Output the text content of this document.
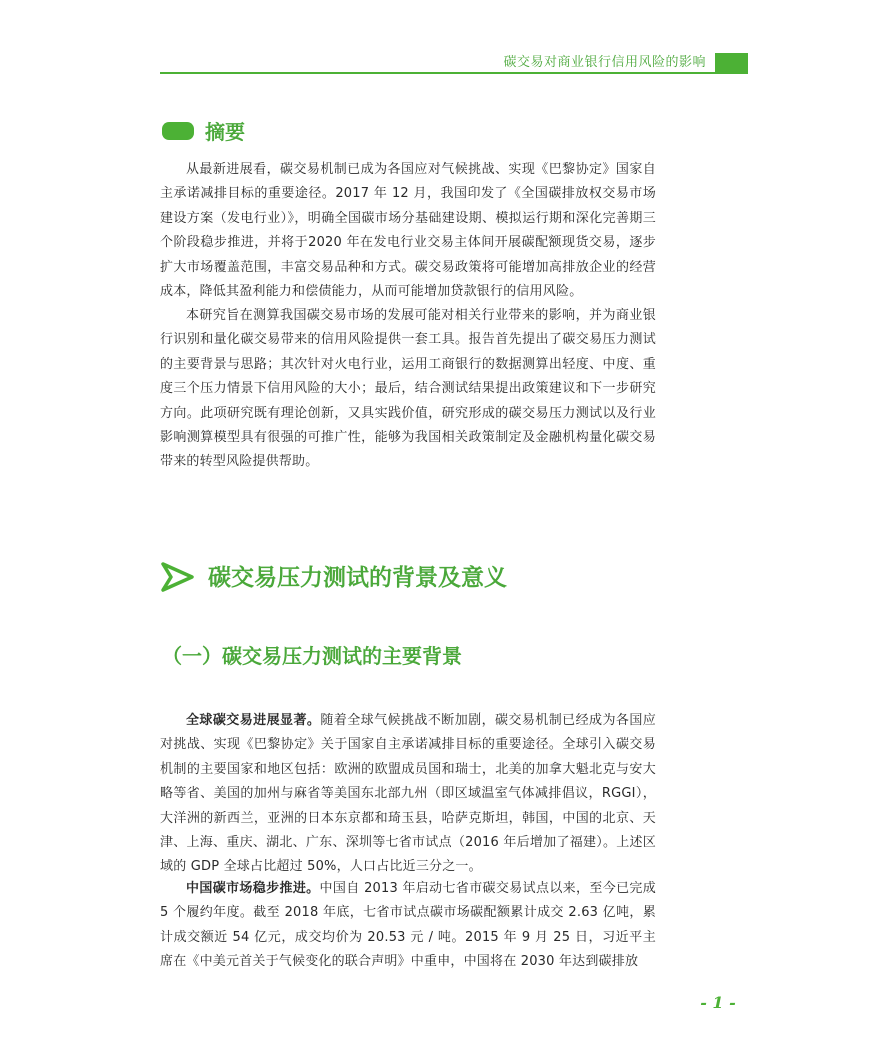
碳交易对商业银行信用风险的影响
摘要

从最新进展看，碳交易机制已成为各国应对气候挑战、实现《巴黎协定》国家自主承诺减排目标的重要途径。2017 年 12 月，我国印发了《全国碳排放权交易市场建设方案（发电行业）》，明确全国碳市场分基础建设期、模拟运行期和深化完善期三个阶段稳步推进，并将于2020 年在发电行业交易主体间开展碳配额现货交易，逐步扩大市场覆盖范围，丰富交易品种和方式。碳交易政策将可能增加高排放企业的经营成本，降低其盈利能力和偿债能力，从而可能增加贷款银行的信用风险。

本研究旨在测算我国碳交易市场的发展可能对相关行业带来的影响，并为商业银行识别和量化碳交易带来的信用风险提供一套工具。报告首先提出了碳交易压力测试的主要背景与思路；其次针对火电行业，运用工商银行的数据测算出轻度、中度、重度三个压力情景下信用风险的大小；最后，结合测试结果提出政策建议和下一步研究方向。此项研究既有理论创新，又具实践价值，研究形成的碳交易压力测试以及行业影响测算模型具有很强的可推广性，能够为我国相关政策制定及金融机构量化碳交易带来的转型风险提供帮助。

碳交易压力测试的背景及意义
（一）碳交易压力测试的主要背景

全球碳交易进展显著。随着全球气候挑战不断加剧，碳交易机制已经成为各国应对挑战、实现《巴黎协定》关于国家自主承诺减排目标的重要途径。全球引入碳交易机制的主要国家和地区包括：欧洲的欧盟成员国和瑞士，北美的加拿大魁北克与安大略等省、美国的加州与麻省等美国东北部九州（即区域温室气体减排倡议，RGGI），大洋洲的新西兰，亚洲的日本东京都和琦玉县，哈萨克斯坦，韩国，中国的北京、天津、上海、重庆、湖北、广东、深圳等七省市试点（2016 年后增加了福建）。上述区域的 GDP 全球占比超过 50%，人口占比近三分之一。

中国碳市场稳步推进。中国自 2013 年启动七省市碳交易试点以来，至今已完成 5 个履约年度。截至 2018 年底，七省市试点碳市场碳配额累计成交 2.63 亿吨，累计成交额近 54 亿元，成交均价为 20.53 元 / 吨。2015 年 9 月 25 日，习近平主席在《中美元首关于气候变化的联合声明》中重申，中国将在 2030 年达到碳排放

- 1 -
